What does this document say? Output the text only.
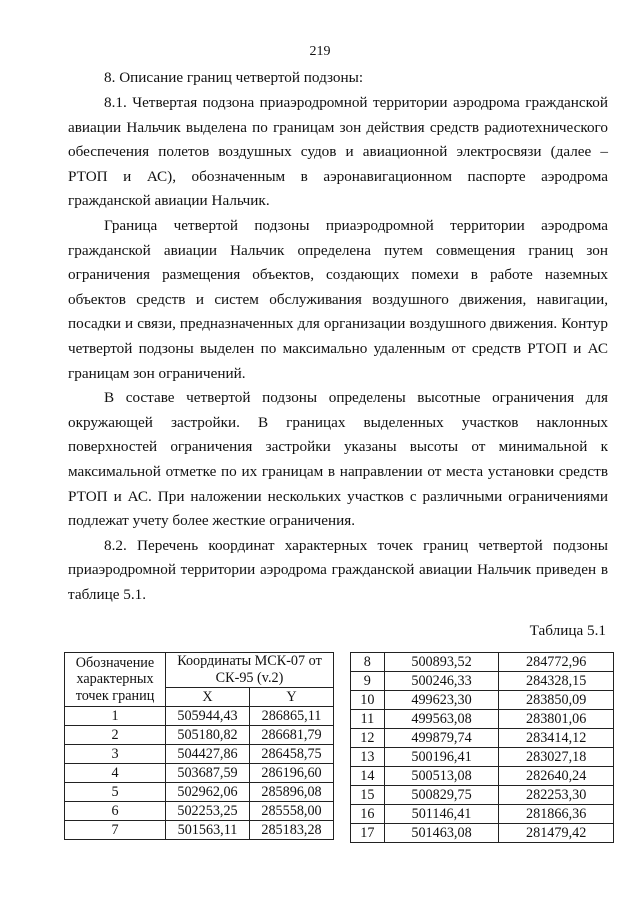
219
8. Описание границ четвертой подзоны:

8.1. Четвертая подзона приаэродромной территории аэродрома гражданской авиации Нальчик выделена по границам зон действия средств радиотехнического обеспечения полетов воздушных судов и авиационной электросвязи (далее – РТОП и АС), обозначенным в аэронавигационном паспорте аэродрома гражданской авиации Нальчик.

Граница четвертой подзоны приаэродромной территории аэродрома гражданской авиации Нальчик определена путем совмещения границ зон ограничения размещения объектов, создающих помехи в работе наземных объектов средств и систем обслуживания воздушного движения, навигации, посадки и связи, предназначенных для организации воздушного движения. Контур четвертой подзоны выделен по максимально удаленным от средств РТОП и АС границам зон ограничений.

В составе четвертой подзоны определены высотные ограничения для окружающей застройки. В границах выделенных участков наклонных поверхностей ограничения застройки указаны высоты от минимальной к максимальной отметке по их границам в направлении от места установки средств РТОП и АС. При наложении нескольких участков с различными ограничениями подлежат учету более жесткие ограничения.

8.2. Перечень координат характерных точек границ четвертой подзоны приаэродромной территории аэродрома гражданской авиации Нальчик приведен в таблице 5.1.

Таблица 5.1
Обозначение характерных точек границ	Координаты МСК-07 от СК-95 (v.2)	
	X	Y
1	505944,43	286865,11
2	505180,82	286681,79
3	504427,86	286458,75
4	503687,59	286196,60
5	502962,06	285896,08
6	502253,25	285558,00
7	501563,11	285183,28
8	500893,52	284772,96
9	500246,33	284328,15
10	499623,30	283850,09
11	499563,08	283801,06
12	499879,74	283414,12
13	500196,41	283027,18
14	500513,08	282640,24
15	500829,75	282253,30
16	501146,41	281866,36
17	501463,08	281479,42
